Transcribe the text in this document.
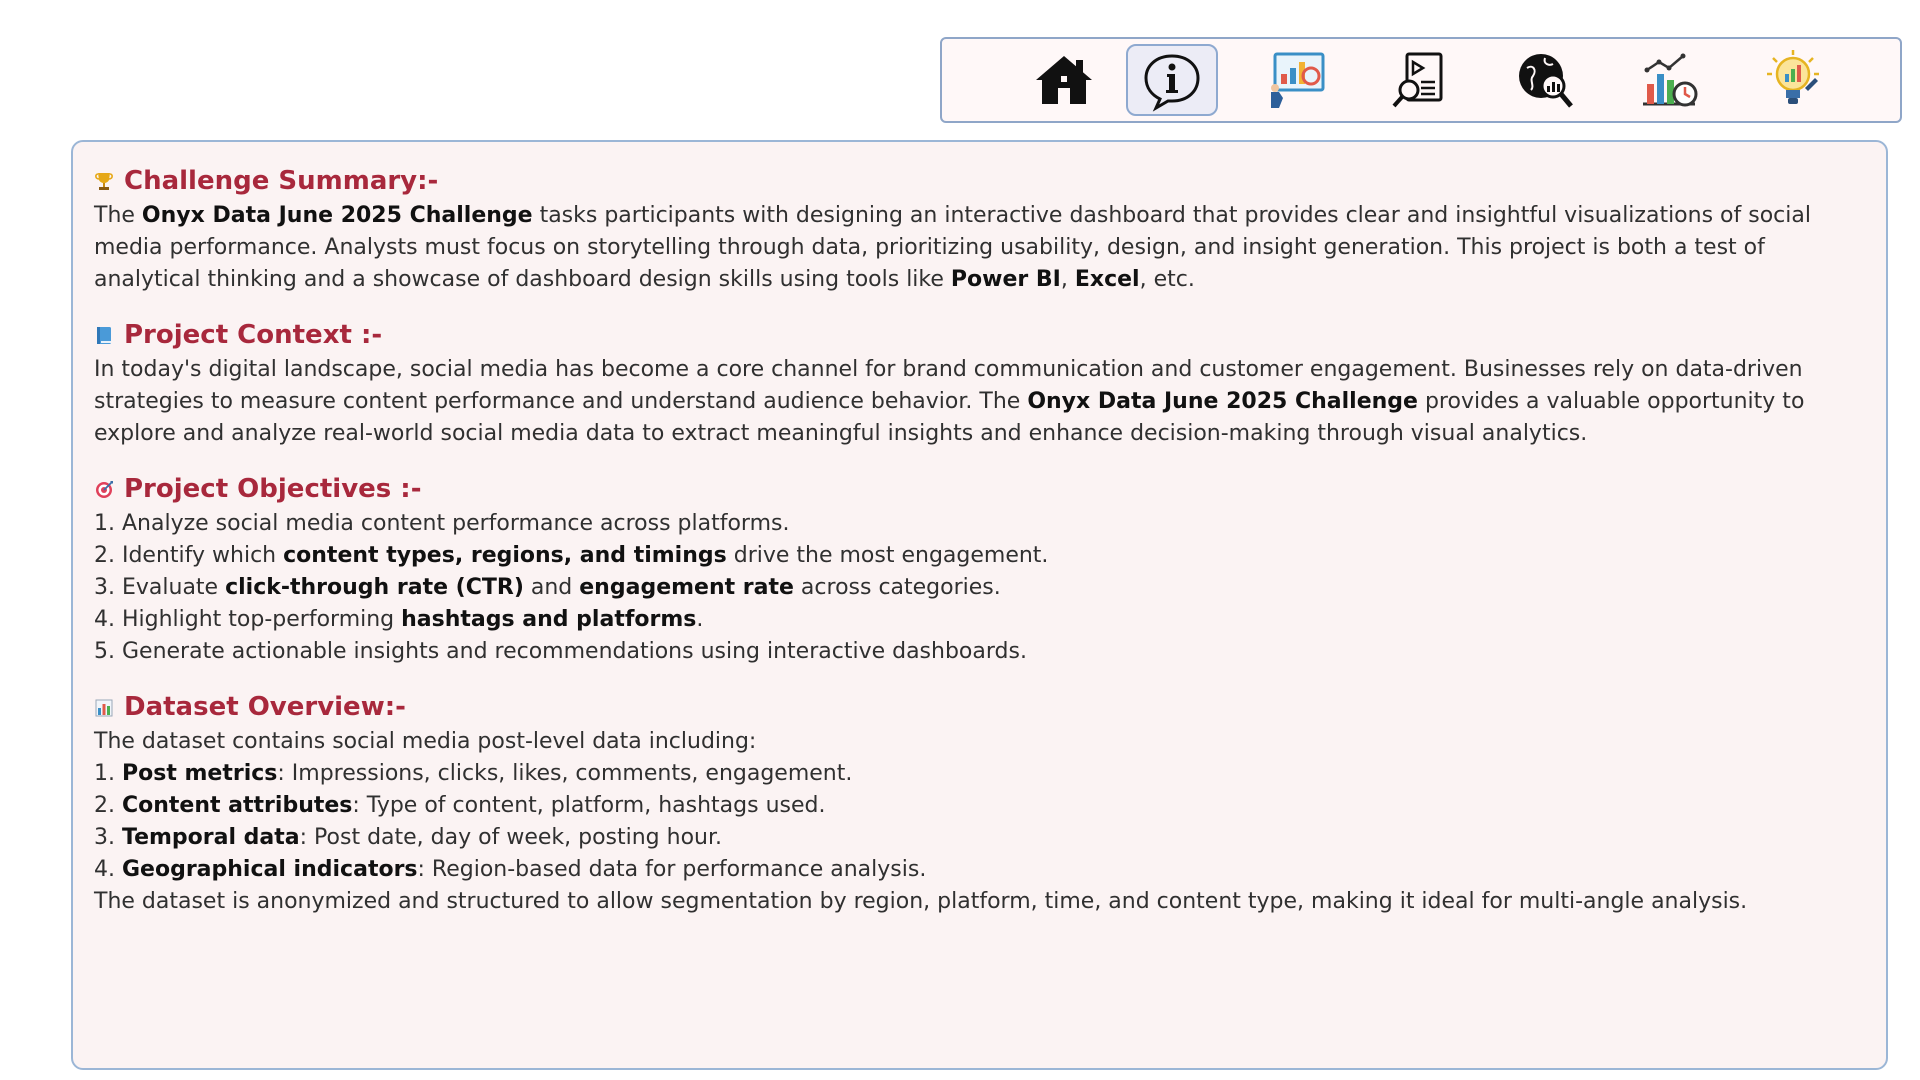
Challenge Summary:-

The Onyx Data June 2025 Challenge tasks participants with designing an interactive dashboard that provides clear and insightful visualizations of social media performance. Analysts must focus on storytelling through data, prioritizing usability, design, and insight generation. This project is both a test of analytical thinking and a showcase of dashboard design skills using tools like Power BI, Excel, etc.

Project Context :-

In today's digital landscape, social media has become a core channel for brand communication and customer engagement. Businesses rely on data-driven strategies to measure content performance and understand audience behavior. The Onyx Data June 2025 Challenge provides a valuable opportunity to explore and analyze real-world social media data to extract meaningful insights and enhance decision-making through visual analytics.

Project Objectives :-
1. Analyze social media content performance across platforms.
2. Identify which content types, regions, and timings drive the most engagement.
3. Evaluate click-through rate (CTR) and engagement rate across categories.
4. Highlight top-performing hashtags and platforms.
5. Generate actionable insights and recommendations using interactive dashboards.
Dataset Overview:-
The dataset contains social media post-level data including:
1. Post metrics: Impressions, clicks, likes, comments, engagement.
2. Content attributes: Type of content, platform, hashtags used.
3. Temporal data: Post date, day of week, posting hour.
4. Geographical indicators: Region-based data for performance analysis.
The dataset is anonymized and structured to allow segmentation by region, platform, time, and content type, making it ideal for multi-angle analysis.
